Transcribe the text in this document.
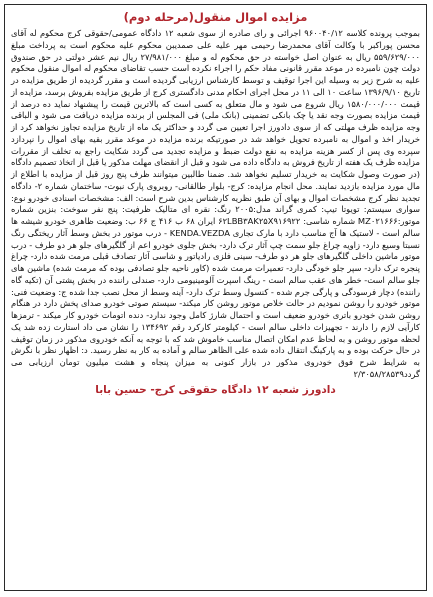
مزایده اموال منقول(مرحله دوم)

بموجب پرونده کلاسه ۹۶۰۰۴۰/۱۲ اجرائی و رای صادره از سوی شعبه ۱۲ دادگاه عمومی/حقوقی کرج محکوم له آقای محسن پوراکبر با وکالت آقای محمدرضا رحیمی مهر علیه علی صمدیبن محکوم علیه محکوم است به پرداخت مبلغ ۵۵۹/۶۲۹/۰۰۰ ریال به عنوان اصل خواسته در حق محکوم له و مبلغ ۲۷/۹۸۱/۰۰۰ ریال نیم عشر دولتی در حق صندوق دولت چون نامبرده در موعد مقرر قانونی مفاد حکم را اجراء نکرده است حسب تقاضای محکوم له اموال منقول محکوم علیه به شرح زیر به وسیله این اجرا توقیف و توسط کارشناس ارزیابی گردیده است و مقرر گردیده از طریق مزایده در تاریخ ۱۳۹۶/۹/۱۰ ساعت ۱۰ الی ۱۱ در محل اجرای احکام مدنی دادگستری کرج از طریق مزایده بفروش برسد، مزایده از قیمت ۱۵۸۰/۰۰۰/۰۰۰ ریال شروع می شود و مال متعلق به کسی است که بالاترین قیمت را پیشنهاد نماید ده درصد از قیمت مزایده بصورت وجه نقد یا چک بانکی تضمینی (بانک ملی) فی المجلس از برنده مزایده دریافت می شود و الباقی وجه مزایده ظرف مهلتی که از سوی دادورز اجرا تعیین می گردد و حداکثر یک ماه از تاریخ مزایده تجاوز نخواهد کرد از خریدار اخذ و اموال به نامبرده تحویل خواهد شد در صورتیکه برنده مزایده در موعد مقرر بقیه بهای اموال را نپردازد سپرده وی پس از کسر هزینه مزایده به نفع دولت ضبط و مزایده تجدید می گردد شکایت راجع به تخلف از مقررات مزایده ظرف یک هفته از تاریخ فروش به دادگاه داده می شود و قبل از انقضای مهلت مذکور یا قبل از اتخاذ تصمیم دادگاه (در صورت وصول شکایت به خریدار تسلیم نخواهد شد. ضمنا طالبین میتوانند ظرف پنج روز قبل از مزایده با اطلاع از مال مورد مزایده بازدید نمایند. محل انجام مزایده: کرج- بلوار طالقانی- روبروی پارک نبوت- ساختمان شماره ۲- دادگاه تجدید نظر کرج مشخصات اموال و بهای آن طبق نظریه کارشناس بدین شرح است: الف: مشخصات اسنادی خودرو نوع: سواری سیستم: تویوتا تیپ: کمری گراند مدل:۲۰۰۵ رنگ: نقره ای متالیک ظرفیت: پنج نفر سوخت: بنزین شماره موتور:MZ۰۲۱۶۶۶ شماره شاسی: ۶۲LBB۳AK۲۵X۹۱۶۹۲۲ ایران ۶۸ ب ۴۱۶ ج ۶۶ ب: وضعیت ظاهری خودرو شیشه ها سالم است - لاستیک ها آج مناسب دارد با مارک تجاری KENDA.VEZDA - درب موتور در بخش وسط آثار ریختگی رنگ نسبتا وسیع دارد- زاویه چراغ جلو سمت چپ آثار ترک دارد- بخش جلوی خودرو اعم از گلگیرهای جلو هر دو طرف - درب موتور ماشین داخلی گلگیرهای جلو هر دو طرف- سینی فلزی رادیاتور و شاسی آثار تصادف قبلی مرمت شده دارد- چراغ پنجره ترک دارد- سپر جلو خودگی دارد- تعمیرات مرمت شده (کاور ناحیه جلو تصادفی بوده که مرمت شده) ماشین های جلو سالم است- خطر های عقب سالم است - رینگ اسپرت آلومینیومی دارد- صندلی راننده در بخش پشتی آن (تکیه گاه راننده) دچار فرسودگی و پارگی جرم شده - کنسول وسط ترک دارد- آینه وسط از محل نصب جدا شده ج: وضعیت فنی: موتور خودرو را روشن نمودیم در حالت خلاص موتور روشن کار میکند- سیستم صوتی خودرو صدای پخش دارد در هنگام روشن شدن خودرو باتری خودرو ضعیف است و احتمال شارژ کامل وجود ندارد- دنده اتومات خودرو کار میکند - ترمزها کارآیی لازم را دارند - تجهیزات داخلی سالم است - کیلومتر کارکرد رقم ۱۳۴۶۹۲ را نشان می داد استارت زده شد یک لحظه موتور روشن و به لحاظ عدم امکان اتصال مناسب خاموش شد که با توجه به آنکه خودروی مذکور در زمان توقیف در حال حرکت بوده و به پارکینگ انتقال داده شده علی الظاهر سالم و آماده به کار به نظر رسید. د: اظهار نظر با نگرش به شرایط شرح فوق خودروی مذکور در بازار کنونی به میزان پنجاه و هشت میلیون تومان ارزیابی می گردد۲/۳۰۵۸/۲۸۵۳۹

دادورز شعبه ۱۲ دادگاه حقوقی کرج- حسین بابا
